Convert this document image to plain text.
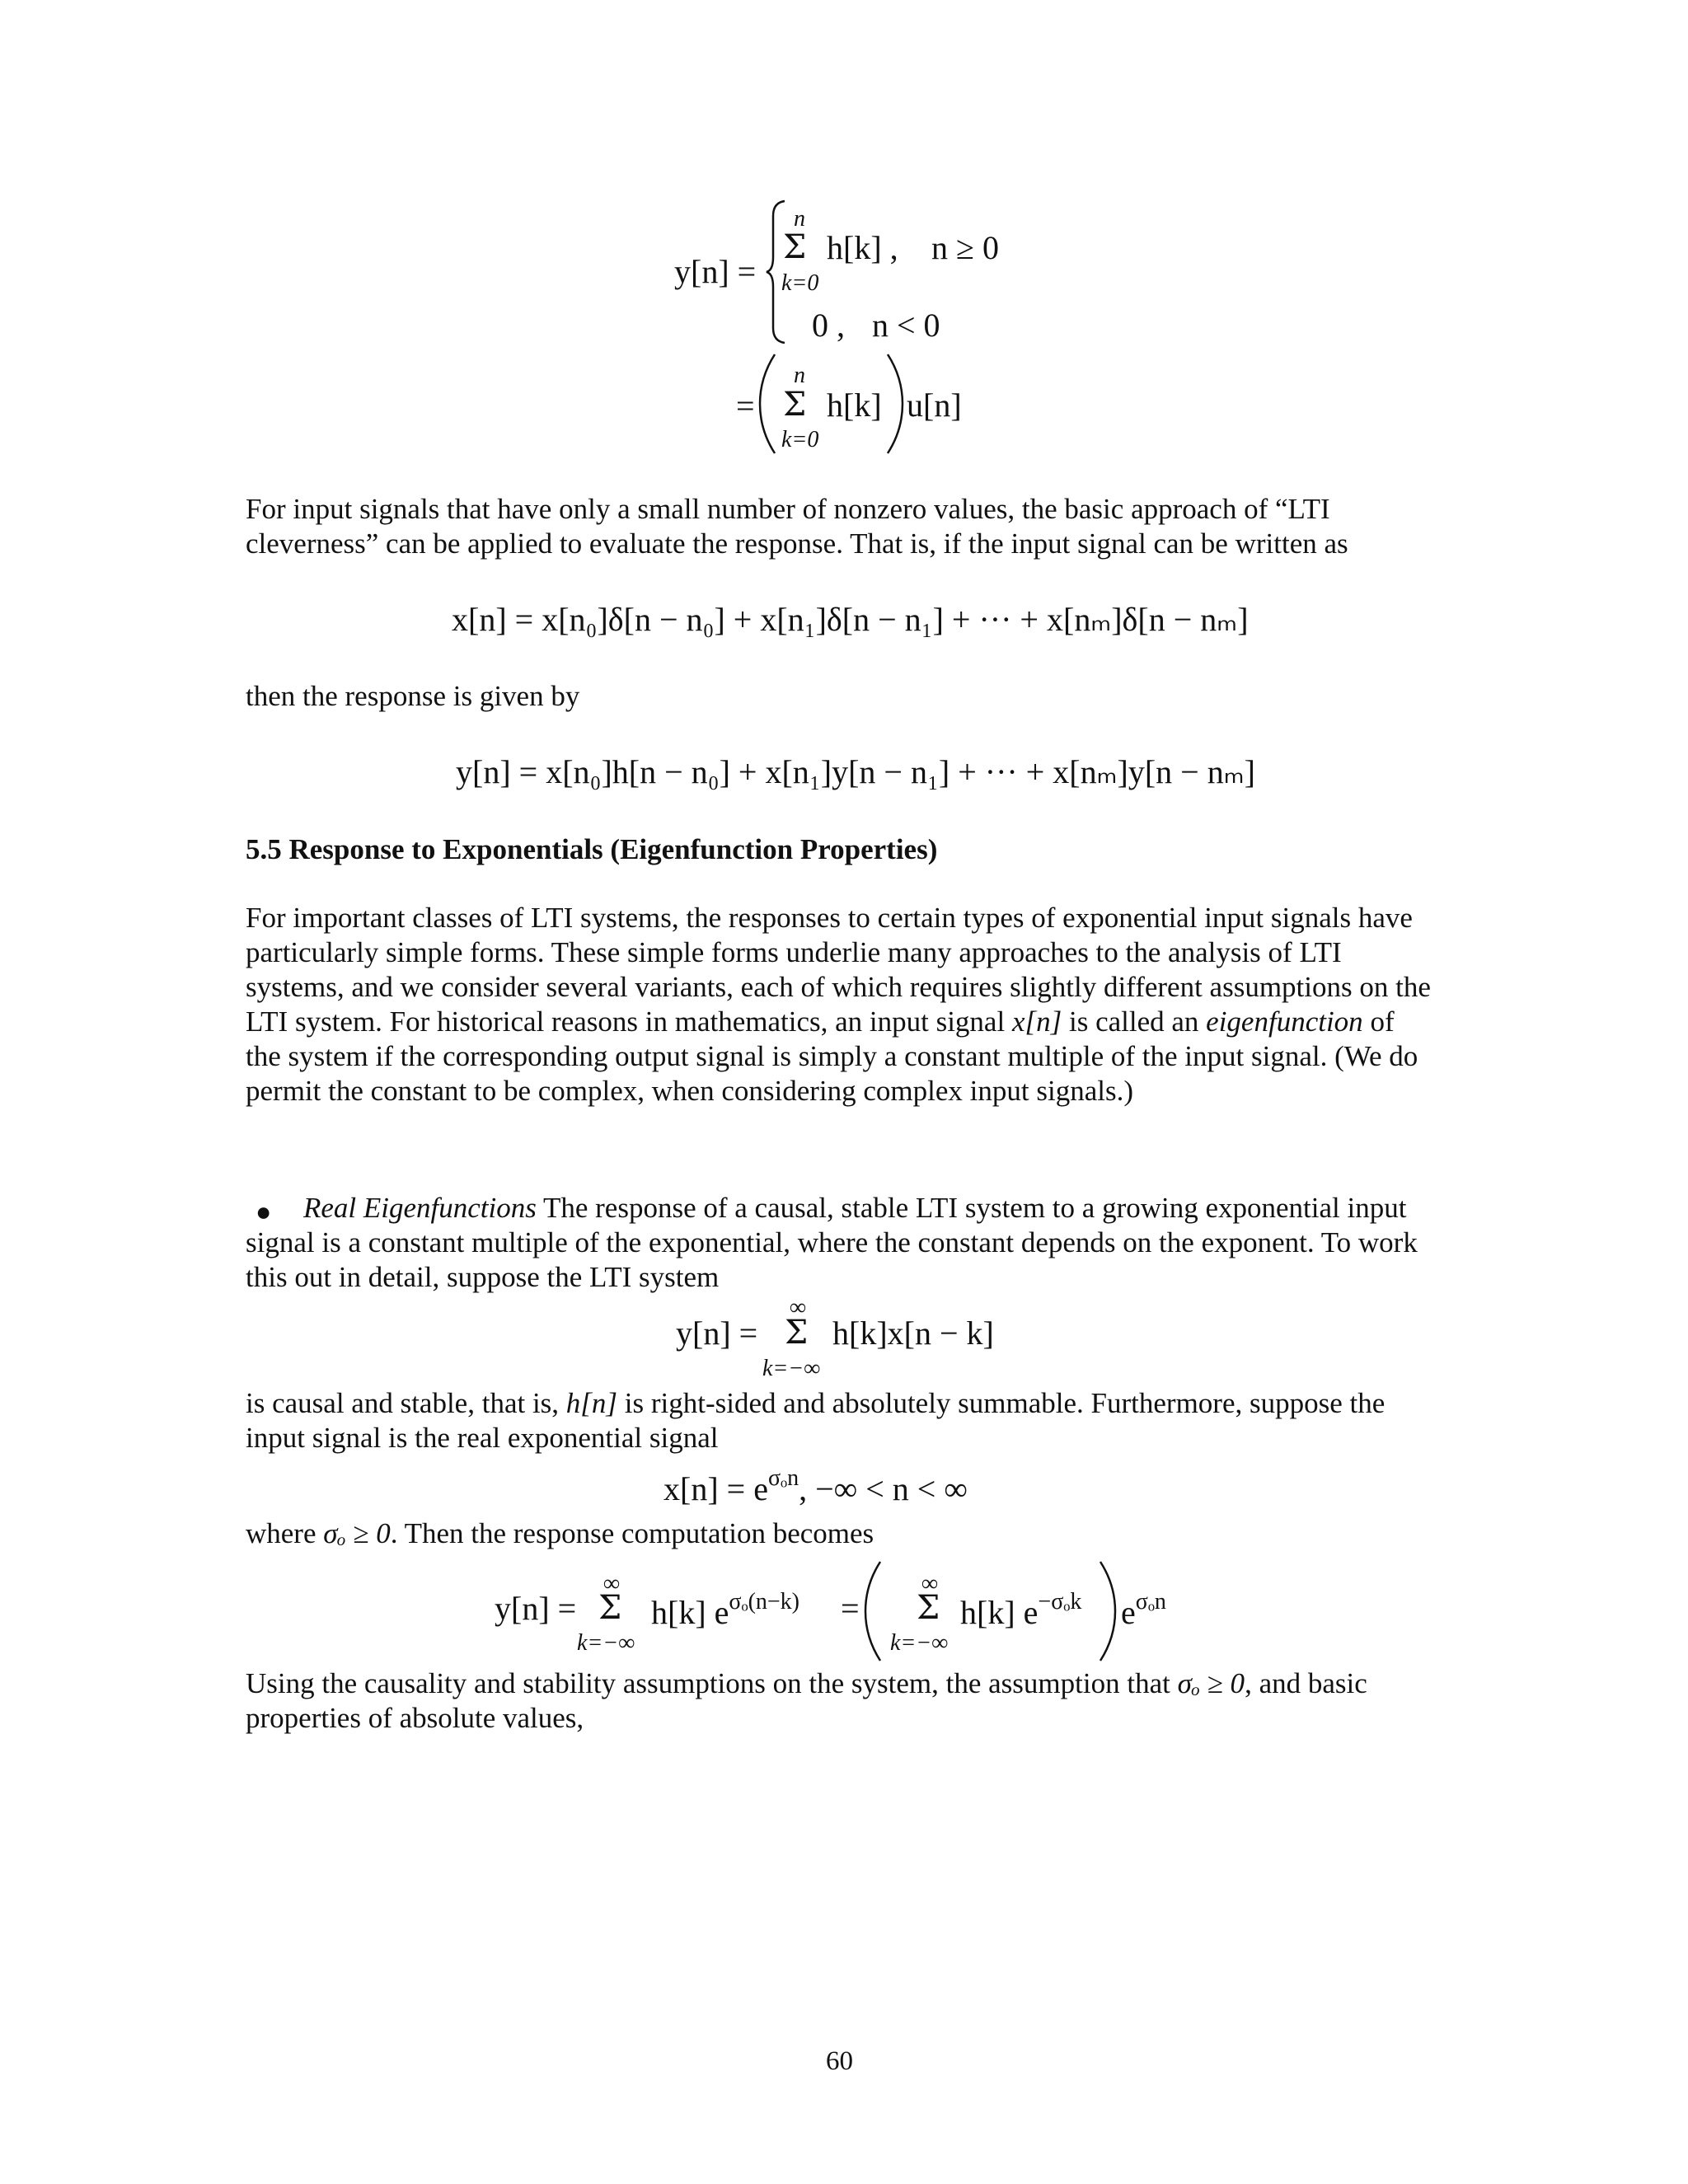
y[n] =
n
Σ h[k] , n ≥ 0
k=0
0 , n < 0
=
n
Σ h[k] u[n]
k=0

For input signals that have only a small number of nonzero values, the basic approach of “LTI cleverness” can be applied to evaluate the response. That is, if the input signal can be written as

x[n] = x[n₀]δ[n − n₀] + x[n₁]δ[n − n₁] + ··· + x[nₘ]δ[n − nₘ]

then the response is given by

y[n] = x[n₀]h[n − n₀] + x[n₁]y[n − n₁] + ··· + x[nₘ]y[n − nₘ]
5.5 Response to Exponentials (Eigenfunction Properties)

For important classes of LTI systems, the responses to certain types of exponential input signals have particularly simple forms. These simple forms underlie many approaches to the analysis of LTI systems, and we consider several variants, each of which requires slightly different assumptions on the LTI system. For historical reasons in mathematics, an input signal x[n] is called an eigenfunction of the system if the corresponding output signal is simply a constant multiple of the input signal. (We do permit the constant to be complex, when considering complex input signals.)

●	Real Eigenfunctions The response of a causal, stable LTI system to a growing exponential input signal is a constant multiple of the exponential, where the constant depends on the exponent. To work this out in detail, suppose the LTI system

y[n] =
∞
Σ h[k]x[n − k]
k=−∞

is causal and stable, that is, h[n] is right-sided and absolutely summable. Furthermore, suppose the input signal is the real exponential signal

$x[n] = e^{\sigma_on}$, −∞ < n < ∞

where σₒ ≥ 0. Then the response computation becomes

y[n] =
∞
Σ h[k] $e^{\sigma_o(n-k)}$
k=−∞
=
∞
Σ h[k] $e^{-\sigma_ok}$
k=−∞
$e^{\sigma_on}$

Using the causality and stability assumptions on the system, the assumption that σₒ ≥ 0, and basic properties of absolute values,

60
